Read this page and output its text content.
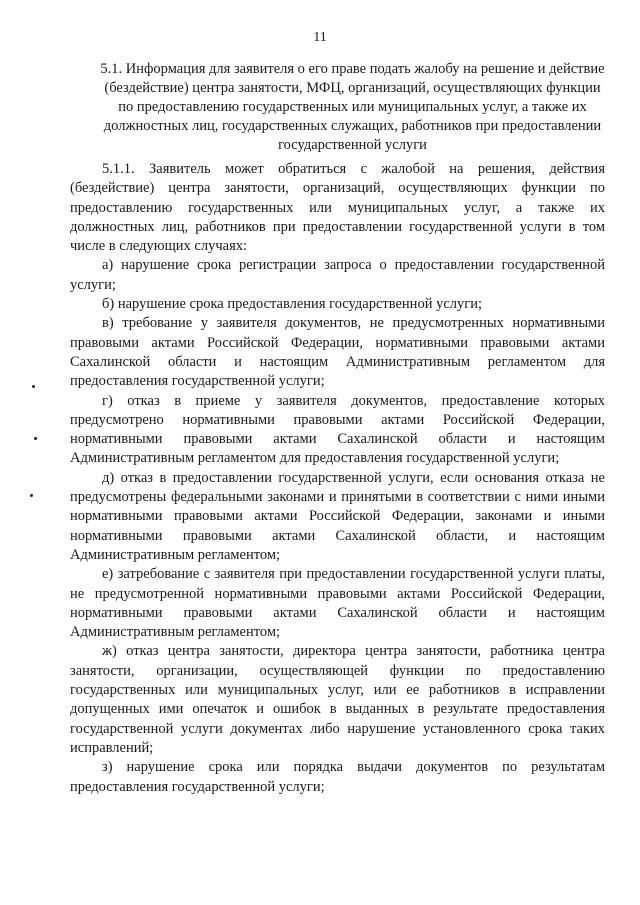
11
5.1. Информация для заявителя о его праве подать жалобу на решение и действие (бездействие) центра занятости, МФЦ, организаций, осуществляющих функции по предоставлению государственных или муниципальных услуг, а также их должностных лиц, государственных служащих, работников при предоставлении государственной услуги

5.1.1. Заявитель может обратиться с жалобой на решения, действия (бездействие) центра занятости, организаций, осуществляющих функции по предоставлению государственных или муниципальных услуг, а также их должностных лиц, работников при предоставлении государственной услуги в том числе в следующих случаях:

а) нарушение срока регистрации запроса о предоставлении государственной услуги;

б) нарушение срока предоставления государственной услуги;

в) требование у заявителя документов, не предусмотренных нормативными правовыми актами Российской Федерации, нормативными правовыми актами Сахалинской области и настоящим Административным регламентом для предоставления государственной услуги;

г) отказ в приеме у заявителя документов, предоставление которых предусмотрено нормативными правовыми актами Российской Федерации, нормативными правовыми актами Сахалинской области и настоящим Административным регламентом для предоставления государственной услуги;

д) отказ в предоставлении государственной услуги, если основания отказа не предусмотрены федеральными законами и принятыми в соответствии с ними иными нормативными правовыми актами Российской Федерации, законами и иными нормативными правовыми актами Сахалинской области, и настоящим Административным регламентом;

е) затребование с заявителя при предоставлении государственной услуги платы, не предусмотренной нормативными правовыми актами Российской Федерации, нормативными правовыми актами Сахалинской области и настоящим Административным регламентом;

ж) отказ центра занятости, директора центра занятости, работника центра занятости, организации, осуществляющей функции по предоставлению государственных или муниципальных услуг, или ее работников в исправлении допущенных ими опечаток и ошибок в выданных в результате предоставления государственной услуги документах либо нарушение установленного срока таких исправлений;

з) нарушение срока или порядка выдачи документов по результатам предоставления государственной услуги;
